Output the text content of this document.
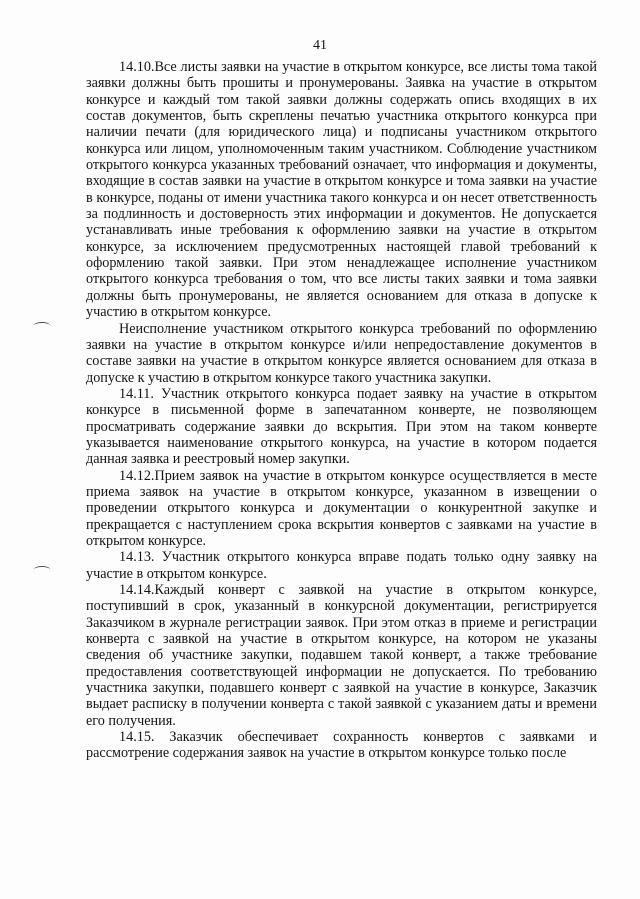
41

14.10.Все листы заявки на участие в открытом конкурсе, все листы тома такой заявки должны быть прошиты и пронумерованы. Заявка на участие в открытом конкурсе и каждый том такой заявки должны содержать опись входящих в их состав документов, быть скреплены печатью участника открытого конкурса при наличии печати (для юридического лица) и подписаны участником открытого конкурса или лицом, уполномоченным таким участником. Соблюдение участником открытого конкурса указанных требований означает, что информация и документы, входящие в состав заявки на участие в открытом конкурсе и тома заявки на участие в конкурсе, поданы от имени участника такого конкурса и он несет ответственность за подлинность и достоверность этих информации и документов. Не допускается устанавливать иные требования к оформлению заявки на участие в открытом конкурсе, за исключением предусмотренных настоящей главой требований к оформлению такой заявки. При этом ненадлежащее исполнение участником открытого конкурса требования о том, что все листы таких заявки и тома заявки должны быть пронумерованы, не является основанием для отказа в допуске к участию в открытом конкурсе.

Неисполнение участником открытого конкурса требований по оформлению заявки на участие в открытом конкурсе и/или непредоставление документов в составе заявки на участие в открытом конкурсе является основанием для отказа в допуске к участию в открытом конкурсе такого участника закупки.

14.11. Участник открытого конкурса подает заявку на участие в открытом конкурсе в письменной форме в запечатанном конверте, не позволяющем просматривать содержание заявки до вскрытия. При этом на таком конверте указывается наименование открытого конкурса, на участие в котором подается данная заявка и реестровый номер закупки.

14.12.Прием заявок на участие в открытом конкурсе осуществляется в месте приема заявок на участие в открытом конкурсе, указанном в извещении о проведении открытого конкурса и документации о конкурентной закупке и прекращается с наступлением срока вскрытия конвертов с заявками на участие в открытом конкурсе.

14.13. Участник открытого конкурса вправе подать только одну заявку на участие в открытом конкурсе.

14.14.Каждый конверт с заявкой на участие в открытом конкурсе, поступивший в срок, указанный в конкурсной документации, регистрируется Заказчиком в журнале регистрации заявок. При этом отказ в приеме и регистрации конверта с заявкой на участие в открытом конкурсе, на котором не указаны сведения об участнике закупки, подавшем такой конверт, а также требование предоставления соответствующей информации не допускается. По требованию участника закупки, подавшего конверт с заявкой на участие в конкурсе, Заказчик выдает расписку в получении конверта с такой заявкой с указанием даты и времени его получения.

14.15. Заказчик обеспечивает сохранность конвертов с заявками и рассмотрение содержания заявок на участие в открытом конкурсе только после
